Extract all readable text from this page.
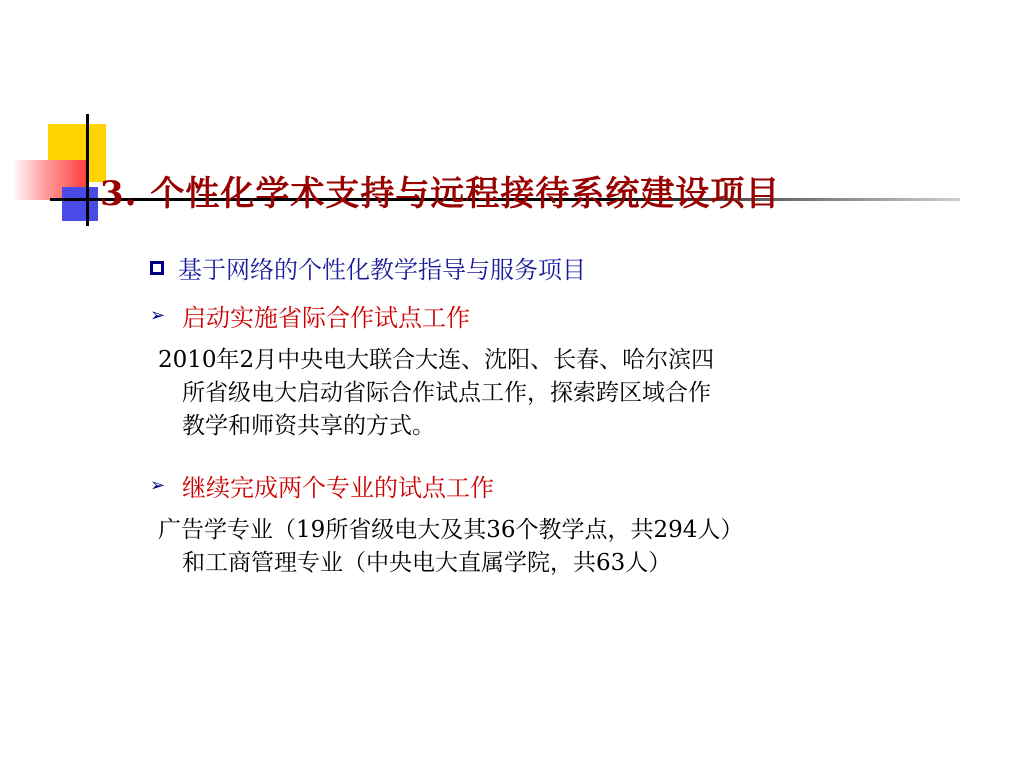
3. 个性化学术支持与远程接待系统建设项目
基于网络的个性化教学指导与服务项目
➢ 启动实施省际合作试点工作
2010年2月中央电大联合大连、沈阳、长春、哈尔滨四
所省级电大启动省际合作试点工作，探索跨区域合作
教学和师资共享的方式。
➢ 继续完成两个专业的试点工作
广告学专业（19所省级电大及其36个教学点，共294人）
和工商管理专业（中央电大直属学院，共63人）
